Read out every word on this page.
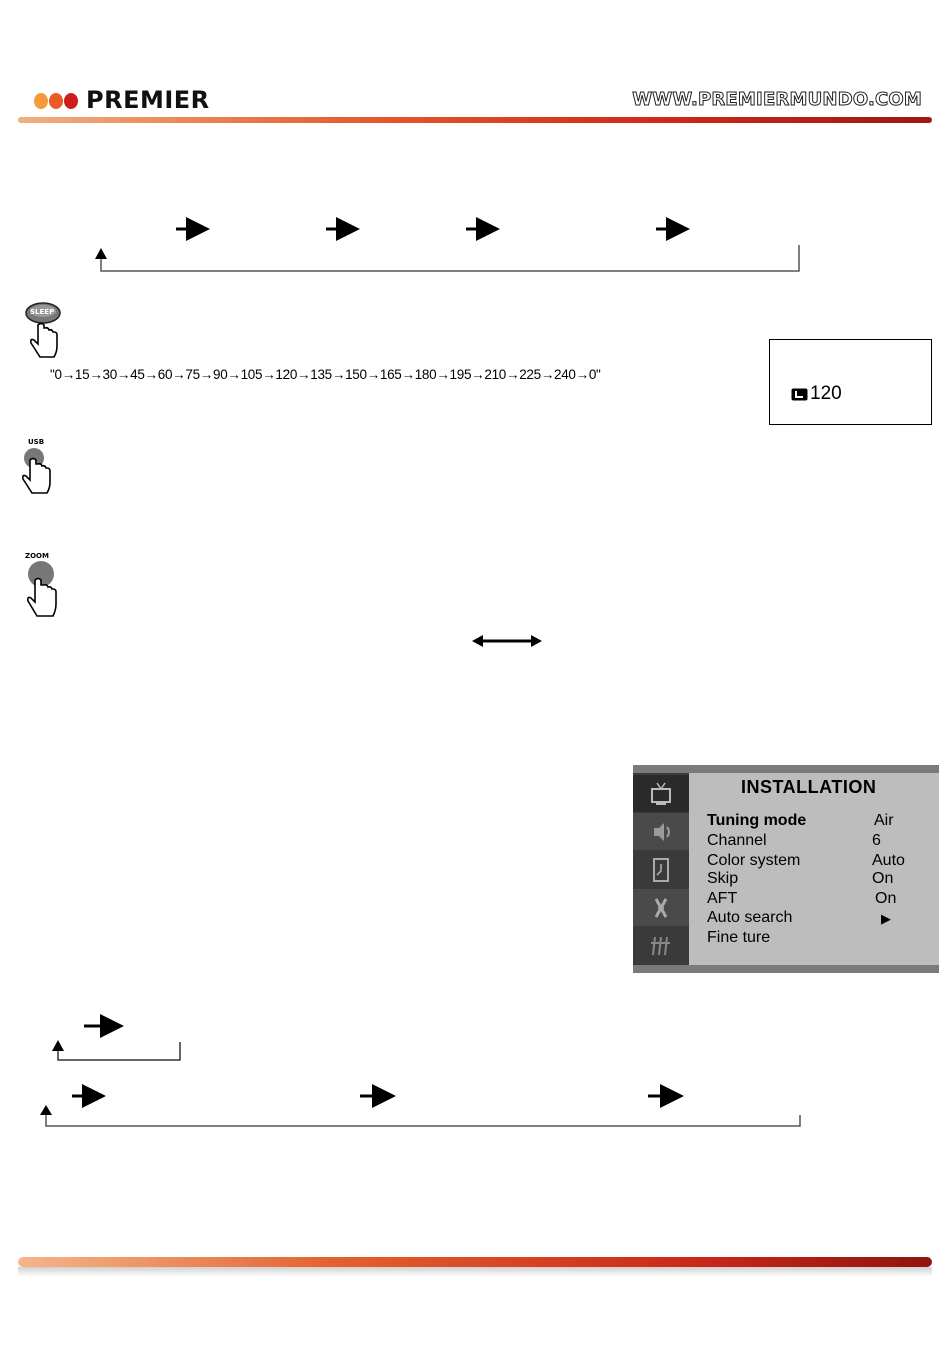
PREMIER	WWW.PREMIERMUNDO.COM
SLEEP
"0→15→30→45→60→75→90→105→120→135→150→165→180→195→210→225→240→0"
120
USB
ZOOM
INSTALLATION
Tuning mode	Air
Channel	6
Color system	Auto
Skip	On
AFT	On
Auto search	▶
Fine ture
